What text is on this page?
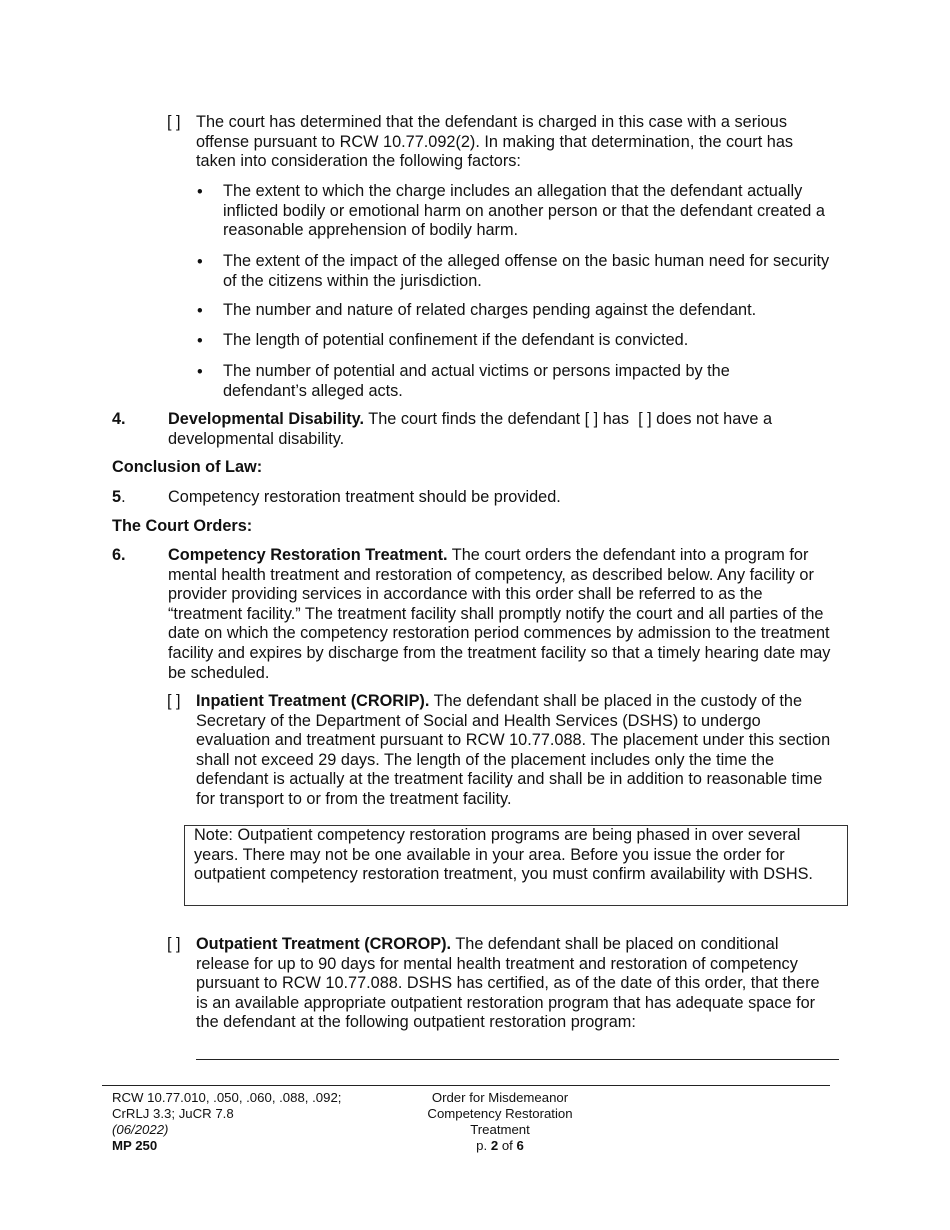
[ ] The court has determined that the defendant is charged in this case with a serious offense pursuant to RCW 10.77.092(2). In making that determination, the court has taken into consideration the following factors:

• The extent to which the charge includes an allegation that the defendant actually inflicted bodily or emotional harm on another person or that the defendant created a reasonable apprehension of bodily harm.

• The extent of the impact of the alleged offense on the basic human need for security of the citizens within the jurisdiction.

• The number and nature of related charges pending against the defendant.

• The length of potential confinement if the defendant is convicted.

• The number of potential and actual victims or persons impacted by the defendant’s alleged acts.

4.	Developmental Disability. The court finds the defendant [ ] has [ ] does not have a developmental disability.

Conclusion of Law:
5.	Competency restoration treatment should be provided.

The Court Orders:
6.	Competency Restoration Treatment. The court orders the defendant into a program for mental health treatment and restoration of competency, as described below. Any facility or provider providing services in accordance with this order shall be referred to as the “treatment facility.” The treatment facility shall promptly notify the court and all parties of the date on which the competency restoration period commences by admission to the treatment facility and expires by discharge from the treatment facility so that a timely hearing date may be scheduled.

[ ] Inpatient Treatment (CRORIP). The defendant shall be placed in the custody of the Secretary of the Department of Social and Health Services (DSHS) to undergo evaluation and treatment pursuant to RCW 10.77.088. The placement under this section shall not exceed 29 days. The length of the placement includes only the time the defendant is actually at the treatment facility and shall be in addition to reasonable time for transport to or from the treatment facility.

Note: Outpatient competency restoration programs are being phased in over several years. There may not be one available in your area. Before you issue the order for outpatient competency restoration treatment, you must confirm availability with DSHS.
[ ] Outpatient Treatment (CROROP). The defendant shall be placed on conditional release for up to 90 days for mental health treatment and restoration of competency pursuant to RCW 10.77.088. DSHS has certified, as of the date of this order, that there is an available appropriate outpatient restoration program that has adequate space for the defendant at the following outpatient restoration program:

RCW 10.77.010, .050, .060, .088, .092;
CrRLJ 3.3; JuCR 7.8
(06/2022)
MP 250
Order for Misdemeanor
Competency Restoration
Treatment
p. 2 of 6
